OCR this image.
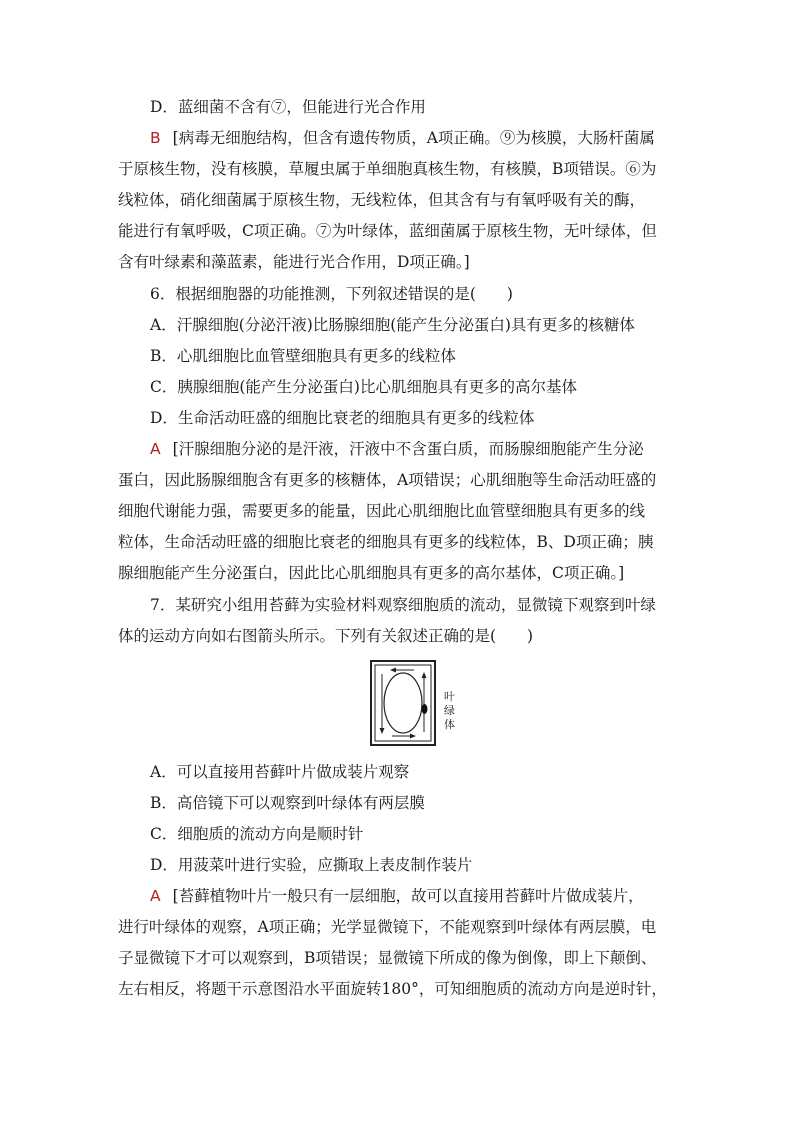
D．蓝细菌不含有⑦，但能进行光合作用
B [病毒无细胞结构，但含有遗传物质，A项正确。⑨为核膜，大肠杆菌属
于原核生物，没有核膜，草履虫属于单细胞真核生物，有核膜，B项错误。⑥为
线粒体，硝化细菌属于原核生物，无线粒体，但其含有与有氧呼吸有关的酶，
能进行有氧呼吸，C项正确。⑦为叶绿体，蓝细菌属于原核生物，无叶绿体，但
含有叶绿素和藻蓝素，能进行光合作用，D项正确。]
6．根据细胞器的功能推测，下列叙述错误的是(　　)
A．汗腺细胞(分泌汗液)比肠腺细胞(能产生分泌蛋白)具有更多的核糖体
B．心肌细胞比血管壁细胞具有更多的线粒体
C．胰腺细胞(能产生分泌蛋白)比心肌细胞具有更多的高尔基体
D．生命活动旺盛的细胞比衰老的细胞具有更多的线粒体
A [汗腺细胞分泌的是汗液，汗液中不含蛋白质，而肠腺细胞能产生分泌
蛋白，因此肠腺细胞含有更多的核糖体，A项错误；心肌细胞等生命活动旺盛的
细胞代谢能力强，需要更多的能量，因此心肌细胞比血管壁细胞具有更多的线
粒体，生命活动旺盛的细胞比衰老的细胞具有更多的线粒体，B、D项正确；胰
腺细胞能产生分泌蛋白，因此比心肌细胞具有更多的高尔基体，C项正确。]
7．某研究小组用苔藓为实验材料观察细胞质的流动，显微镜下观察到叶绿
体的运动方向如右图箭头所示。下列有关叙述正确的是(　　)
叶绿体
A．可以直接用苔藓叶片做成装片观察
B．高倍镜下可以观察到叶绿体有两层膜
C．细胞质的流动方向是顺时针
D．用菠菜叶进行实验，应撕取上表皮制作装片
A [苔藓植物叶片一般只有一层细胞，故可以直接用苔藓叶片做成装片，
进行叶绿体的观察，A项正确；光学显微镜下，不能观察到叶绿体有两层膜，电
子显微镜下才可以观察到，B项错误；显微镜下所成的像为倒像，即上下颠倒、
左右相反，将题干示意图沿水平面旋转180°，可知细胞质的流动方向是逆时针，
